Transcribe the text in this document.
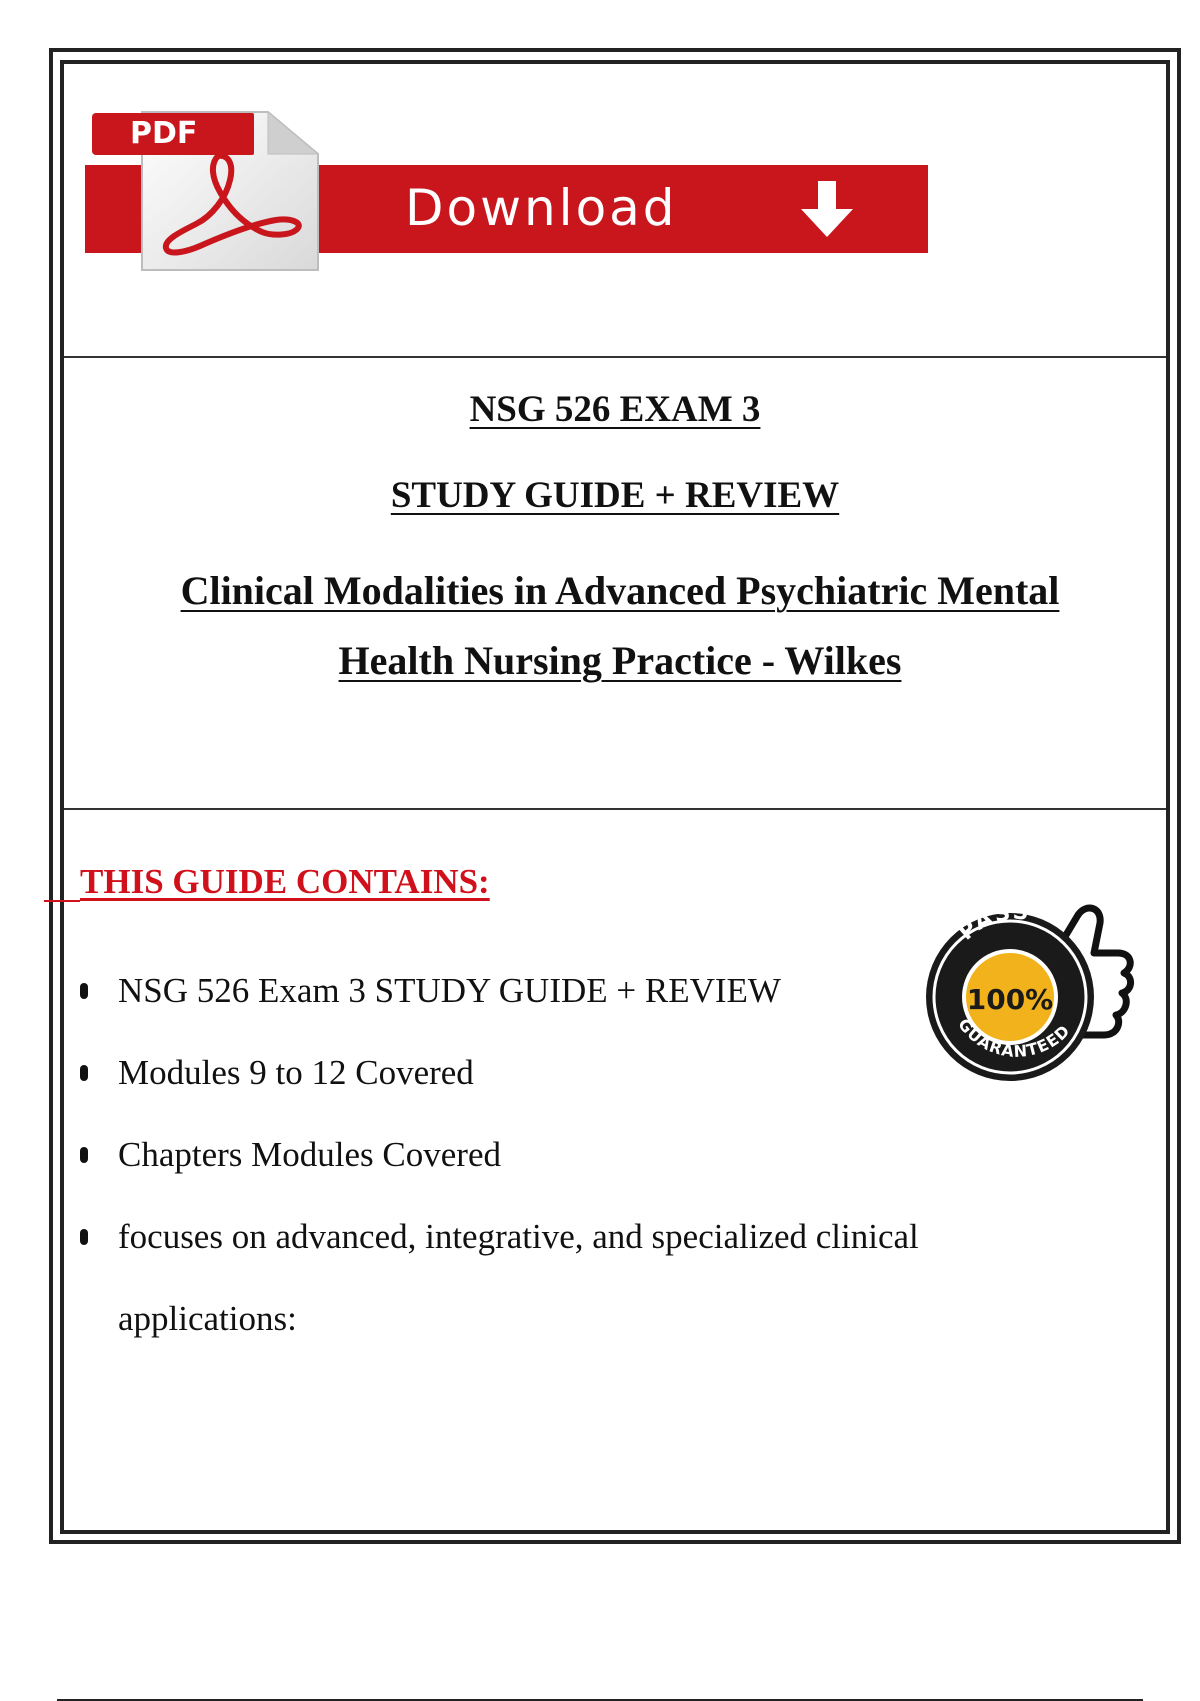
Download
PDF
NSG 526 EXAM 3
STUDY GUIDE + REVIEW
Clinical Modalities in Advanced Psychiatric Mental
Health Nursing Practice - Wilkes
THIS GUIDE CONTAINS:
NSG 526 Exam 3 STUDY GUIDE + REVIEW
Modules 9 to 12 Covered
Chapters Modules Covered
focuses on advanced, integrative, and specialized clinical applications:
100%
PASS
GUARANTEED
